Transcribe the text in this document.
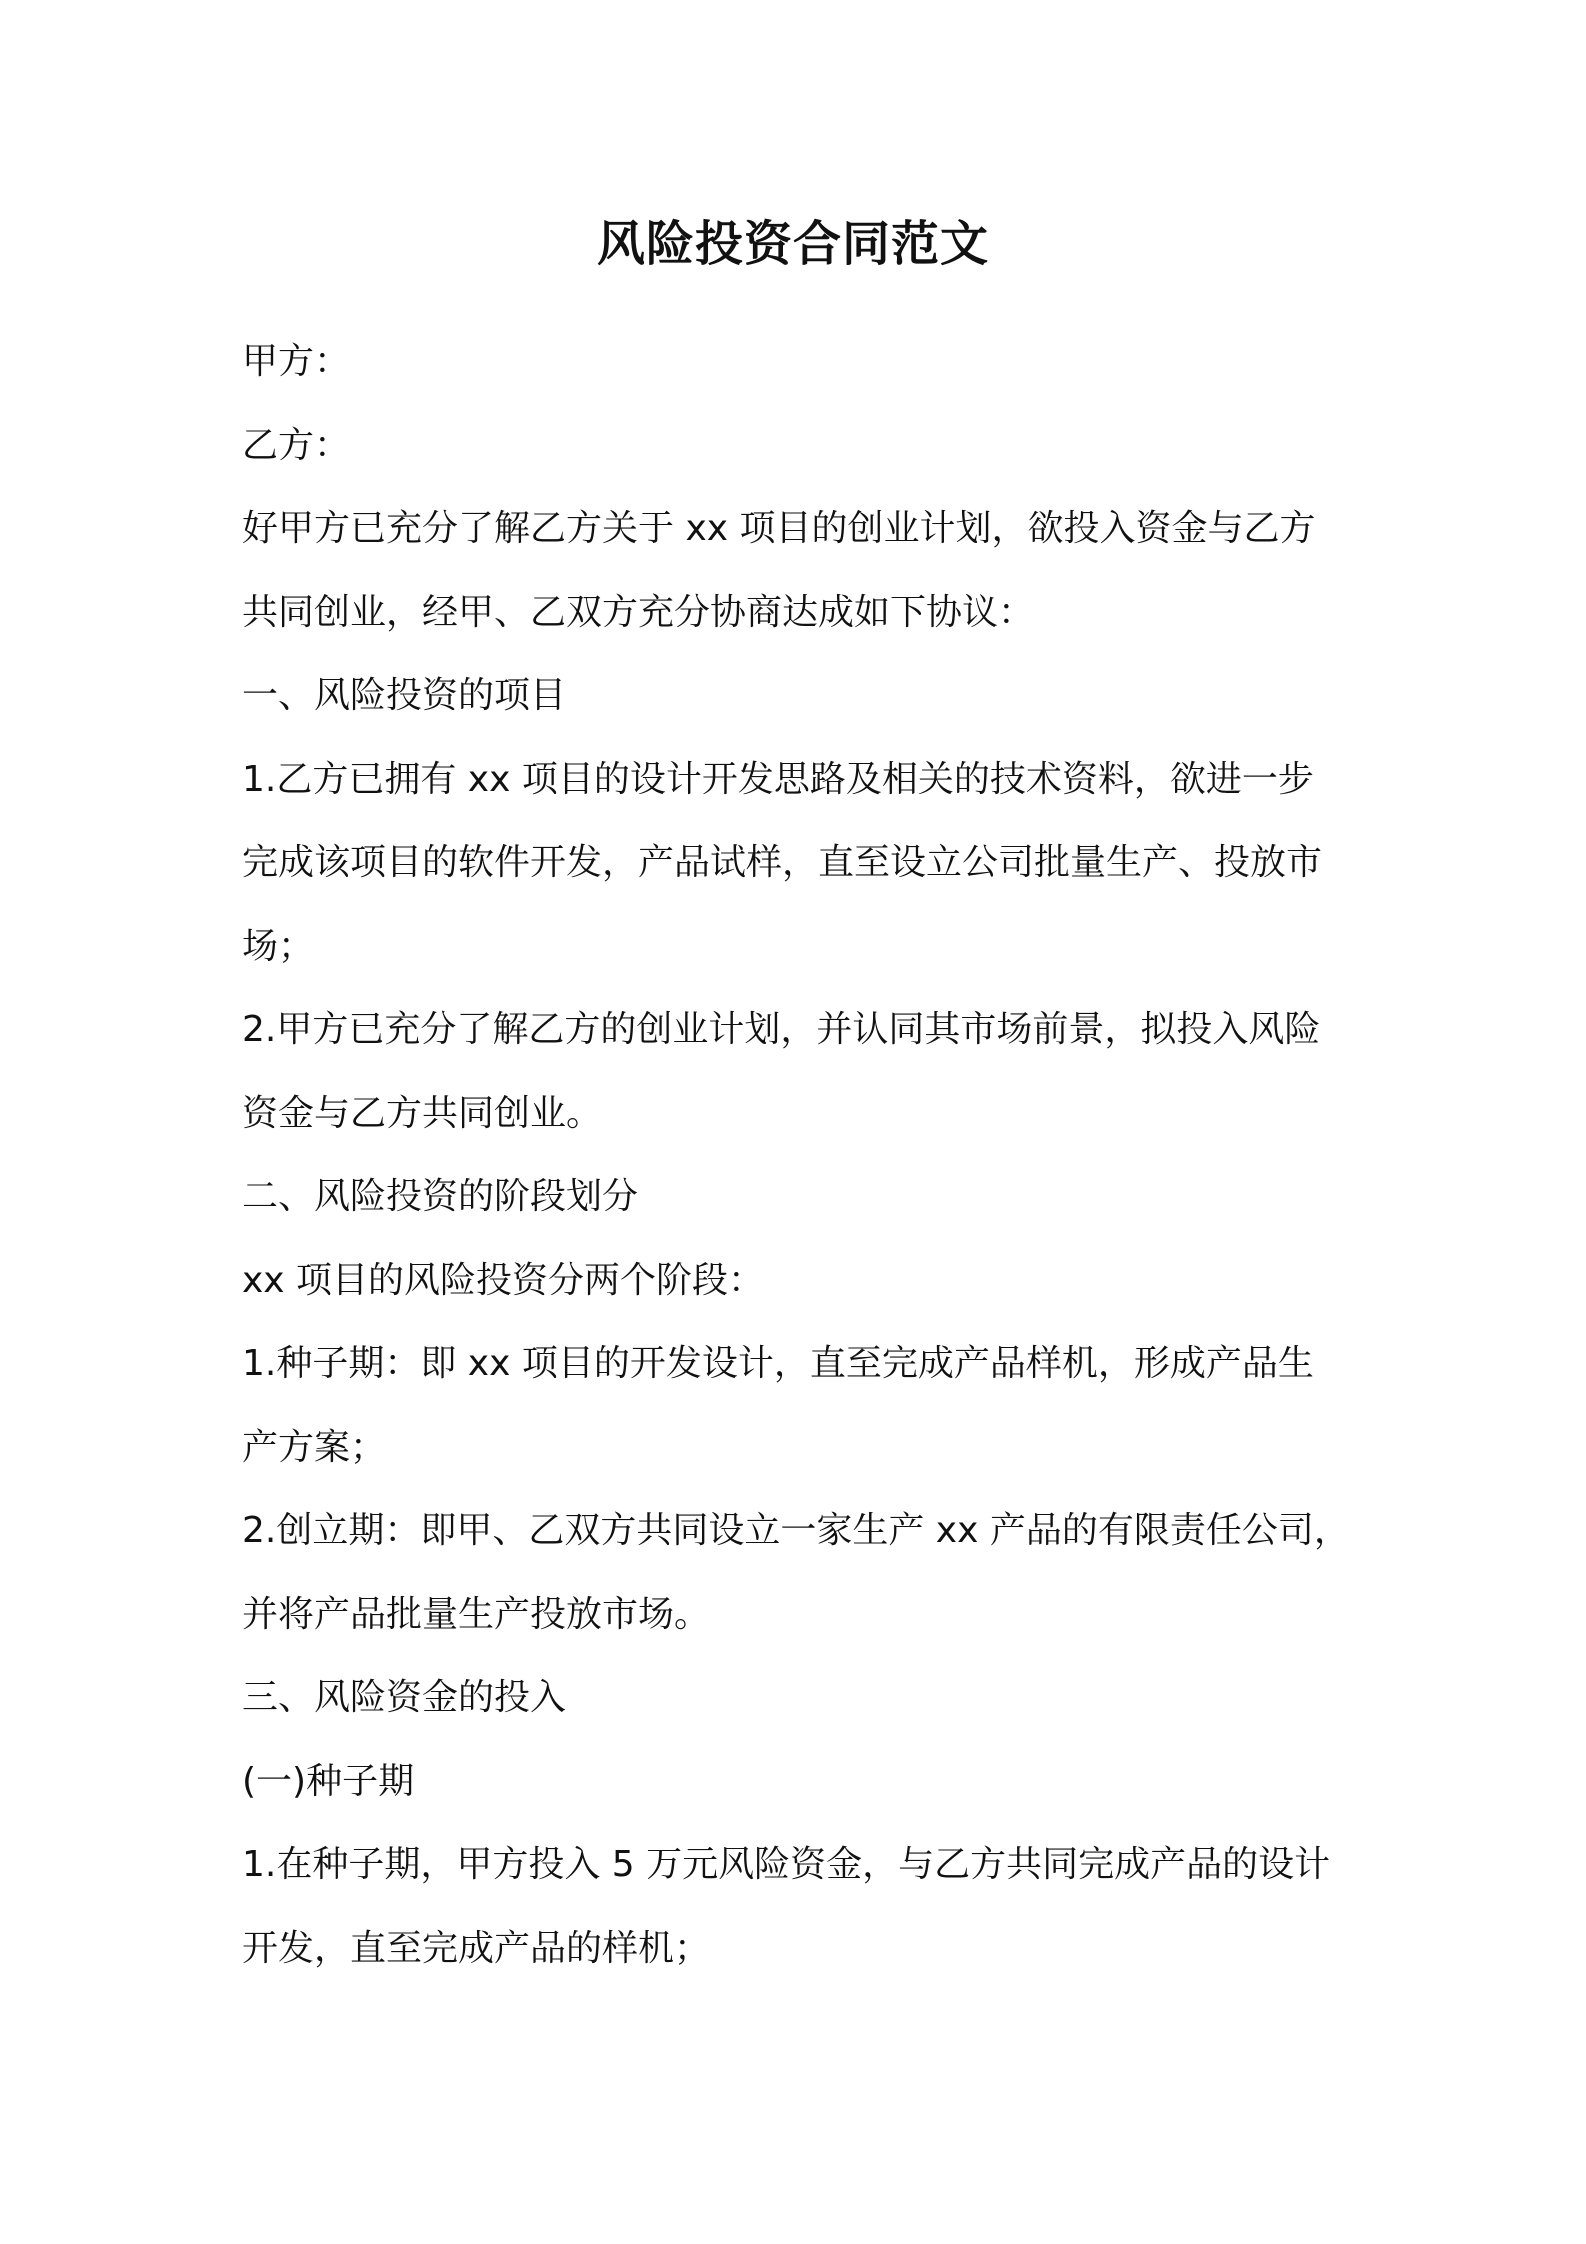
风险投资合同范文

甲方：

乙方：

好甲方已充分了解乙方关于 xx 项目的创业计划，欲投入资金与乙方

共同创业，经甲、乙双方充分协商达成如下协议：

一、风险投资的项目

1.乙方已拥有 xx 项目的设计开发思路及相关的技术资料，欲进一步

完成该项目的软件开发，产品试样，直至设立公司批量生产、投放市

场；

2.甲方已充分了解乙方的创业计划，并认同其市场前景，拟投入风险

资金与乙方共同创业。

二、风险投资的阶段划分

xx 项目的风险投资分两个阶段：

1.种子期：即 xx 项目的开发设计，直至完成产品样机，形成产品生

产方案；

2.创立期：即甲、乙双方共同设立一家生产 xx 产品的有限责任公司，

并将产品批量生产投放市场。

三、风险资金的投入

(一)种子期

1.在种子期，甲方投入 5 万元风险资金，与乙方共同完成产品的设计

开发，直至完成产品的样机；
